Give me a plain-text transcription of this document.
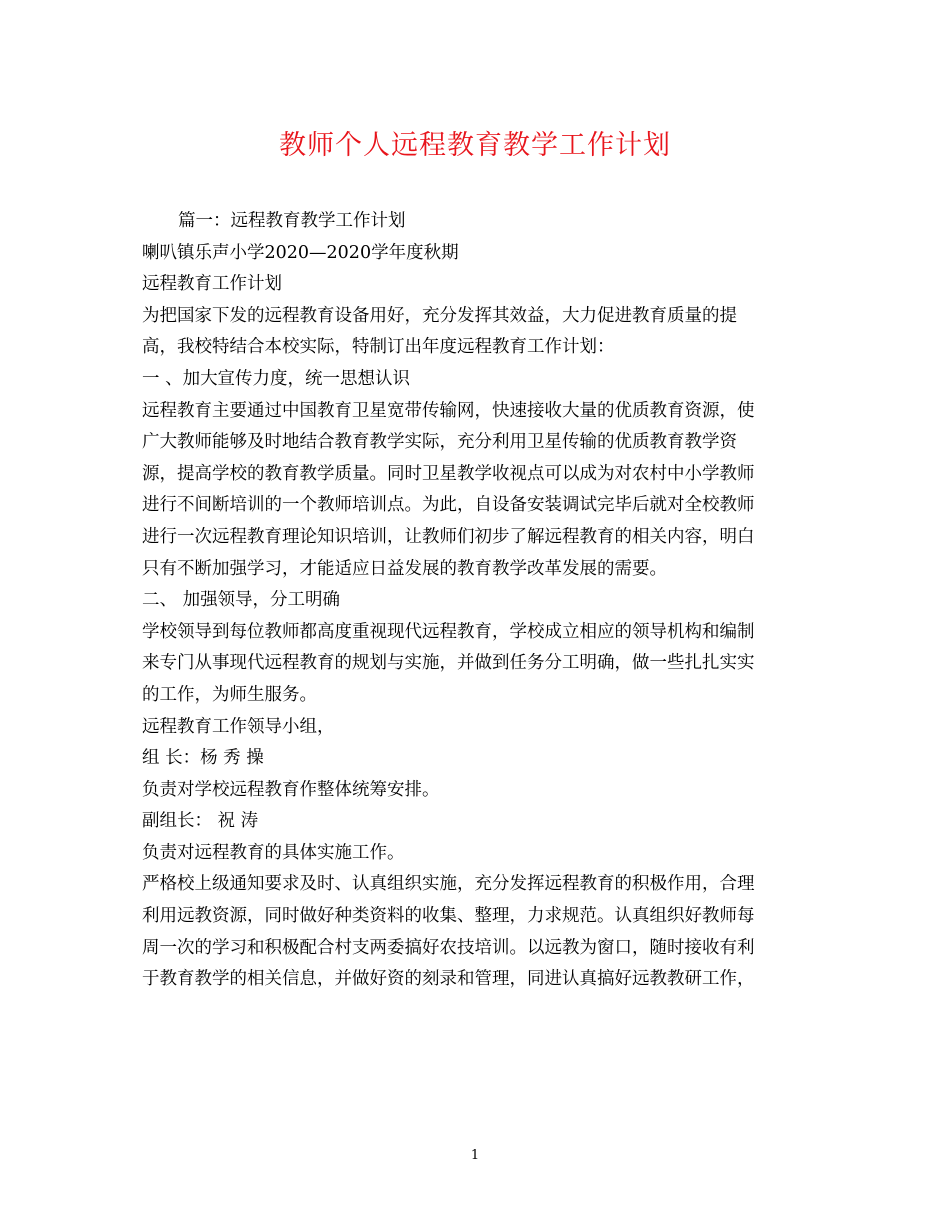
教师个人远程教育教学工作计划
篇一：远程教育教学工作计划
喇叭镇乐声小学2020—2020学年度秋期
远程教育工作计划
为把国家下发的远程教育设备用好，充分发挥其效益，大力促进教育质量的提
高，我校特结合本校实际，特制订出年度远程教育工作计划：
一 、加大宣传力度，统一思想认识
远程教育主要通过中国教育卫星宽带传输网，快速接收大量的优质教育资源，使
广大教师能够及时地结合教育教学实际，充分利用卫星传输的优质教育教学资
源，提高学校的教育教学质量。同时卫星教学收视点可以成为对农村中小学教师
进行不间断培训的一个教师培训点。为此，自设备安装调试完毕后就对全校教师
进行一次远程教育理论知识培训，让教师们初步了解远程教育的相关内容，明白
只有不断加强学习，才能适应日益发展的教育教学改革发展的需要。
二、 加强领导，分工明确
学校领导到每位教师都高度重视现代远程教育，学校成立相应的领导机构和编制
来专门从事现代远程教育的规划与实施，并做到任务分工明确，做一些扎扎实实
的工作，为师生服务。
远程教育工作领导小组，
组 长：杨 秀 操
负责对学校远程教育作整体统筹安排。
副组长： 祝 涛
负责对远程教育的具体实施工作。
严格校上级通知要求及时、认真组织实施，充分发挥远程教育的积极作用，合理
利用远教资源，同时做好种类资料的收集、整理，力求规范。认真组织好教师每
周一次的学习和积极配合村支两委搞好农技培训。以远教为窗口，随时接收有利
于教育教学的相关信息，并做好资的刻录和管理，同进认真搞好远教教研工作，
1
